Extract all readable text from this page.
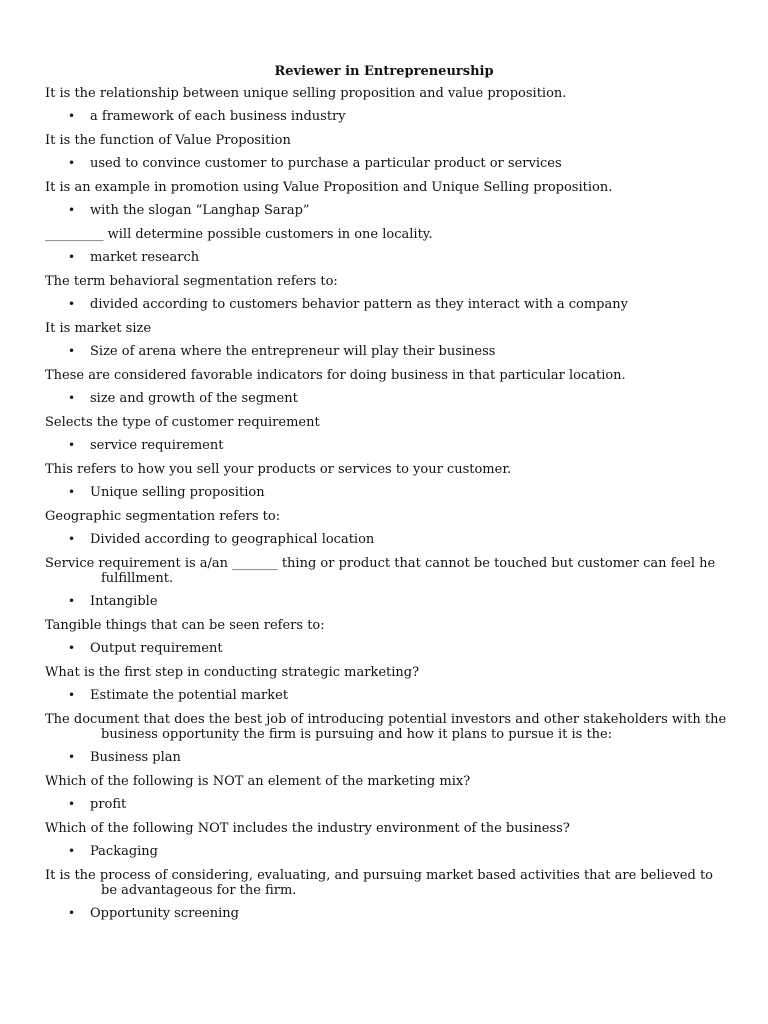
Reviewer in Entrepreneurship

It is the relationship between unique selling proposition and value proposition.

•	a framework of each business industry

It is the function of Value Proposition

•	used to convince customer to purchase a particular product or services

It is an example in promotion using Value Proposition and Unique Selling proposition.

•	with the slogan “Langhap Sarap”

_________ will determine possible customers in one locality.

•	market research

The term behavioral segmentation refers to:

•	divided according to customers behavior pattern as they interact with a company

It is market size

•	Size of arena where the entrepreneur will play their business

These are considered favorable indicators for doing business in that particular location.

•	size and growth of the segment

Selects the type of customer requirement

•	service requirement

This refers to how you sell your products or services to your customer.

•	Unique selling proposition

Geographic segmentation refers to:

•	Divided according to geographical location

Service requirement is a/an _______ thing or product that cannot be touched but customer can feel he fulfillment.

•	Intangible

Tangible things that can be seen refers to:

•	Output requirement

What is the first step in conducting strategic marketing?

•	Estimate the potential market

The document that does the best job of introducing potential investors and other stakeholders with the business opportunity the firm is pursuing and how it plans to pursue it is the:

•	Business plan

Which of the following is NOT an element of the marketing mix?

•	profit

Which of the following NOT includes the industry environment of the business?

•	Packaging

It is the process of considering, evaluating, and pursuing market based activities that are believed to be advantageous for the firm.

•	Opportunity screening
